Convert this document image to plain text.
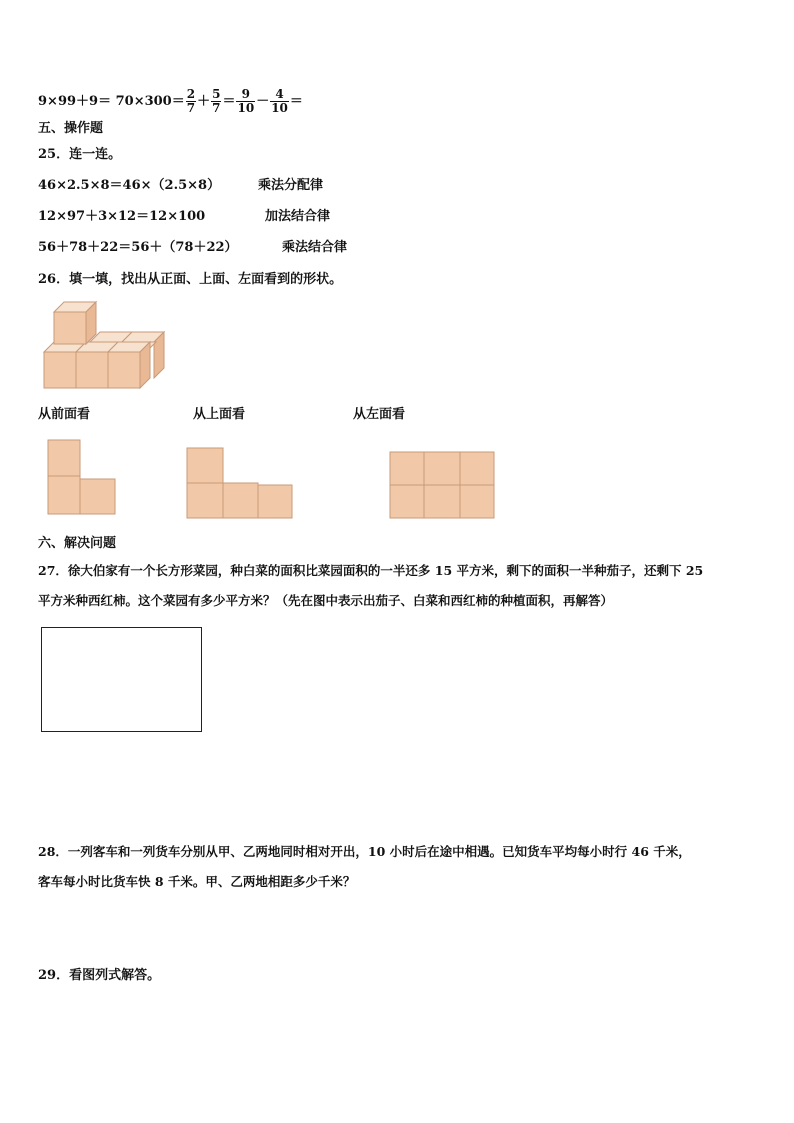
$9\times 99+9= 70\times 300= \frac{2}{7} + \frac{5}{7} = \frac{9}{10} - \frac{4}{10}$ ＝
五、操作题
25．连一连。
46×2.5×8＝46×（2.5×8）	乘法分配律
12×97＋3×12＝12×100	加法结合律
56＋78＋22＝56＋（78＋22）	乘法结合律
26．填一填，找出从正面、上面、左面看到的形状。
从前面看	从上面看	从左面看
六、解决问题
27．徐大伯家有一个长方形菜园，种白菜的面积比菜园面积的一半还多 15 平方米，剩下的面积一半种茄子，还剩下 25
平方米种西红柿。这个菜园有多少平方米？（先在图中表示出茄子、白菜和西红柿的种植面积，再解答）
28．一列客车和一列货车分别从甲、乙两地同时相对开出，10 小时后在途中相遇。已知货车平均每小时行 46 千米，
客车每小时比货车快 8 千米。甲、乙两地相距多少千米？
29．看图列式解答。
